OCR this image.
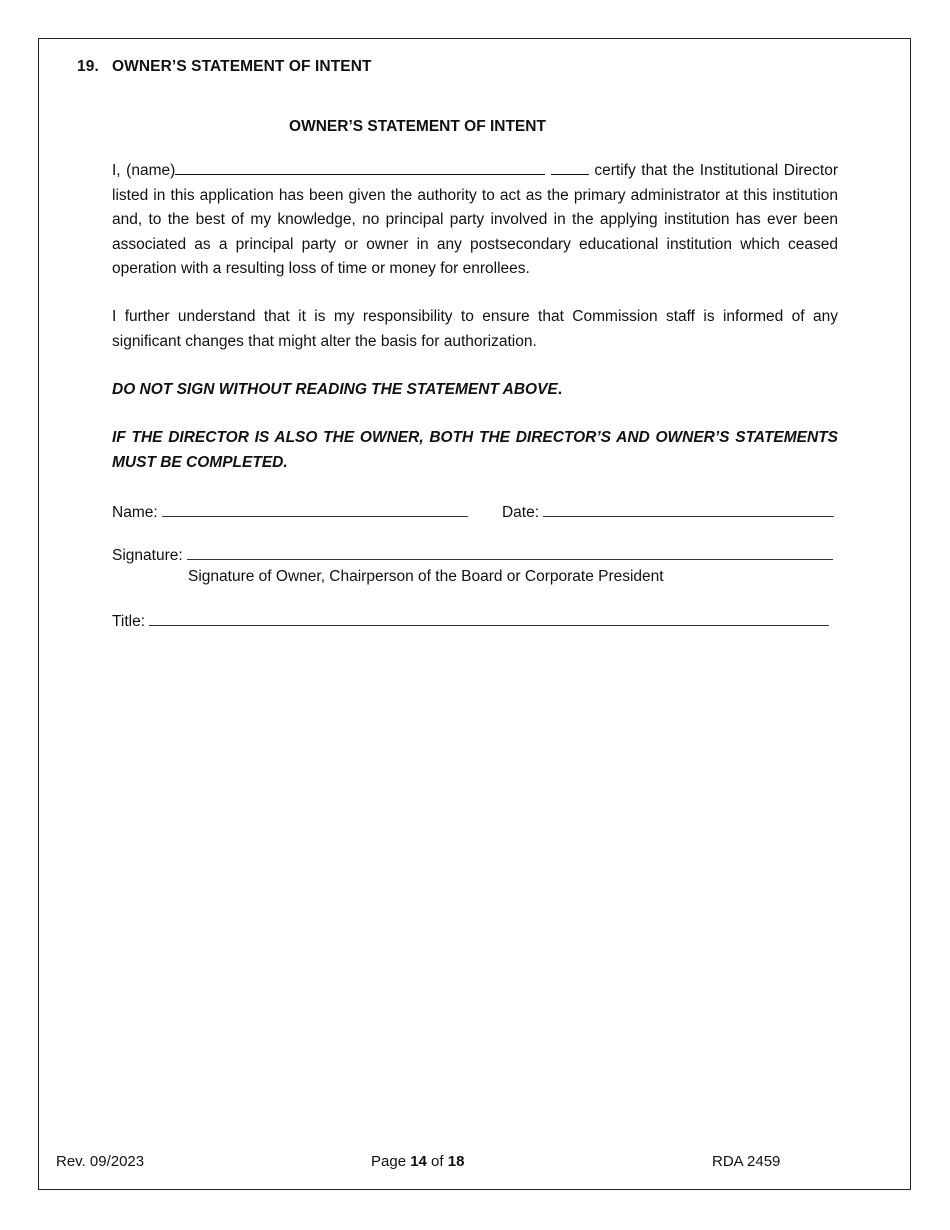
19. OWNER’S STATEMENT OF INTENT
OWNER’S STATEMENT OF INTENT
I, (name)	certify that the Institutional Director listed in this application has been given the authority to act as the primary administrator at this institution and, to the best of my knowledge, no principal party involved in the applying institution has ever been associated as a principal party or owner in any postsecondary educational institution which ceased operation with a resulting loss of time or money for enrollees.
I further understand that it is my responsibility to ensure that Commission staff is informed of any significant changes that might alter the basis for authorization.
DO NOT SIGN WITHOUT READING THE STATEMENT ABOVE.
IF THE DIRECTOR IS ALSO THE OWNER, BOTH THE DIRECTOR’S AND OWNER’S STATEMENTS MUST BE COMPLETED.
Name:	Date:
Signature:
Signature of Owner, Chairperson of the Board or Corporate President
Title:
Rev. 09/2023	Page 14 of 18	RDA 2459
